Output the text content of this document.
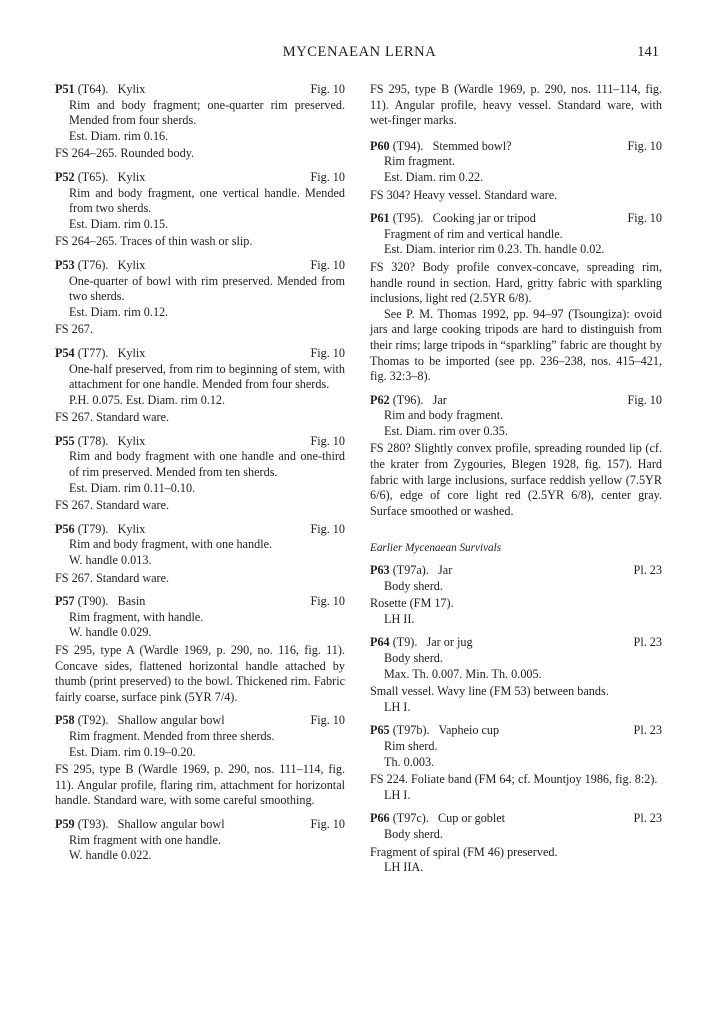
MYCENAEAN LERNA	141
P51 (T64). Kylix	Fig. 10

Rim and body fragment; one-quarter rim preserved. Mended from four sherds.

Est. Diam. rim 0.16.

FS 264–265. Rounded body.

P52 (T65). Kylix	Fig. 10

Rim and body fragment, one vertical handle. Mended from two sherds.

Est. Diam. rim 0.15.

FS 264–265. Traces of thin wash or slip.

P53 (T76). Kylix	Fig. 10

One-quarter of bowl with rim preserved. Mended from two sherds.

Est. Diam. rim 0.12.

FS 267.

P54 (T77). Kylix	Fig. 10

One-half preserved, from rim to beginning of stem, with attachment for one handle. Mended from four sherds.

P.H. 0.075. Est. Diam. rim 0.12.

FS 267. Standard ware.

P55 (T78). Kylix	Fig. 10

Rim and body fragment with one handle and one-third of rim preserved. Mended from ten sherds.

Est. Diam. rim 0.11–0.10.

FS 267. Standard ware.

P56 (T79). Kylix	Fig. 10

Rim and body fragment, with one handle.

W. handle 0.013.

FS 267. Standard ware.

P57 (T90). Basin	Fig. 10

Rim fragment, with handle.

W. handle 0.029.

FS 295, type A (Wardle 1969, p. 290, no. 116, fig. 11). Concave sides, flattened horizontal handle attached by thumb (print preserved) to the bowl. Thickened rim. Fabric fairly coarse, surface pink (5YR 7/4).

P58 (T92). Shallow angular bowl	Fig. 10

Rim fragment. Mended from three sherds.

Est. Diam. rim 0.19–0.20.

FS 295, type B (Wardle 1969, p. 290, nos. 111–114, fig. 11). Angular profile, flaring rim, attachment for horizontal handle. Standard ware, with some careful smoothing.

P59 (T93). Shallow angular bowl	Fig. 10

Rim fragment with one handle.

W. handle 0.022.

FS 295, type B (Wardle 1969, p. 290, nos. 111–114, fig. 11). Angular profile, heavy vessel. Standard ware, with wet-finger marks.

P60 (T94). Stemmed bowl?	Fig. 10

Rim fragment.

Est. Diam. rim 0.22.

FS 304? Heavy vessel. Standard ware.

P61 (T95). Cooking jar or tripod	Fig. 10

Fragment of rim and vertical handle.

Est. Diam. interior rim 0.23. Th. handle 0.02.

FS 320? Body profile convex-concave, spreading rim, handle round in section. Hard, gritty fabric with sparkling inclusions, light red (2.5YR 6/8).

See P. M. Thomas 1992, pp. 94–97 (Tsoungiza): ovoid jars and large cooking tripods are hard to distinguish from their rims; large tripods in “sparkling” fabric are thought by Thomas to be imported (see pp. 236–238, nos. 415–421, fig. 32:3–8).

P62 (T96). Jar	Fig. 10

Rim and body fragment.

Est. Diam. rim over 0.35.

FS 280? Slightly convex profile, spreading rounded lip (cf. the krater from Zygouries, Blegen 1928, fig. 157). Hard fabric with large inclusions, surface reddish yellow (7.5YR 6/6), edge of core light red (2.5YR 6/8), center gray. Surface smoothed or washed.

Earlier Mycenaean Survivals
P63 (T97a). Jar	Pl. 23

Body sherd.

Rosette (FM 17).

LH II.

P64 (T9). Jar or jug	Pl. 23

Body sherd.

Max. Th. 0.007. Min. Th. 0.005.

Small vessel. Wavy line (FM 53) between bands.

LH I.

P65 (T97b). Vapheio cup	Pl. 23

Rim sherd.

Th. 0.003.

FS 224. Foliate band (FM 64; cf. Mountjoy 1986, fig. 8:2).

LH I.

P66 (T97c). Cup or goblet	Pl. 23

Body sherd.

Fragment of spiral (FM 46) preserved.

LH IIA.
